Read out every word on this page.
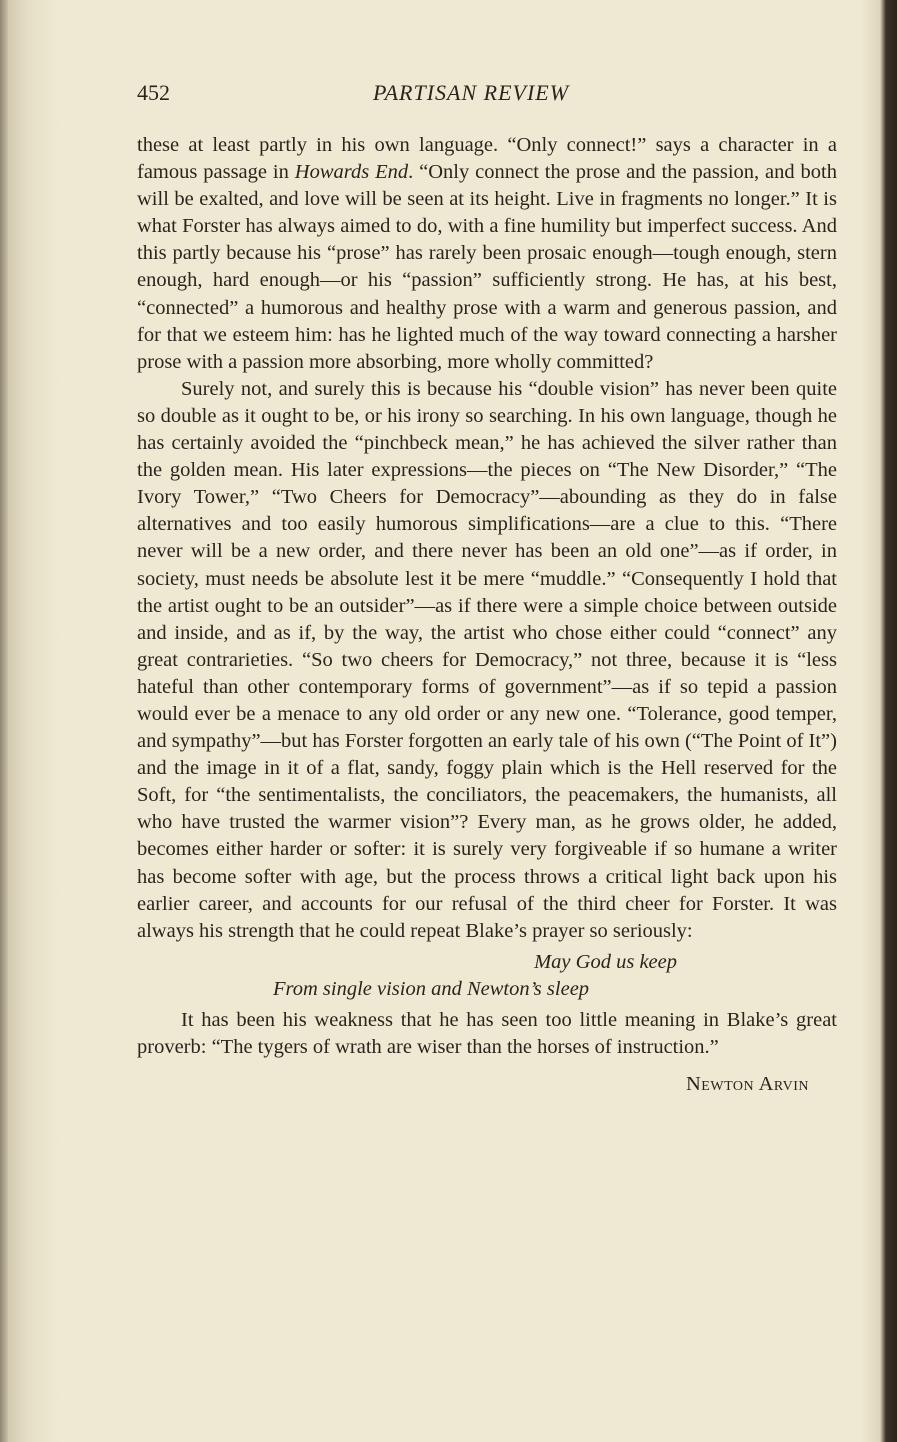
452	PARTISAN REVIEW

these at least partly in his own language. “Only connect!” says a character in a famous passage in Howards End. “Only connect the prose and the passion, and both will be exalted, and love will be seen at its height. Live in fragments no longer.” It is what Forster has always aimed to do, with a fine humility but imperfect success. And this partly because his “prose” has rarely been prosaic enough—tough enough, stern enough, hard enough—or his “passion” sufficiently strong. He has, at his best, “connected” a humorous and healthy prose with a warm and generous passion, and for that we esteem him: has he lighted much of the way toward connecting a harsher prose with a passion more absorbing, more wholly committed?

Surely not, and surely this is because his “double vision” has never been quite so double as it ought to be, or his irony so searching. In his own language, though he has certainly avoided the “pinchbeck mean,” he has achieved the silver rather than the golden mean. His later expressions—the pieces on “The New Disorder,” “The Ivory Tower,” “Two Cheers for Democracy”—abounding as they do in false alternatives and too easily humorous simplifications—are a clue to this. “There never will be a new order, and there never has been an old one”—as if order, in society, must needs be absolute lest it be mere “muddle.” “Consequently I hold that the artist ought to be an outsider”—as if there were a simple choice between outside and inside, and as if, by the way, the artist who chose either could “connect” any great contrarieties. “So two cheers for Democracy,” not three, because it is “less hateful than other contemporary forms of government”—as if so tepid a passion would ever be a menace to any old order or any new one. “Tolerance, good temper, and sympathy”—but has Forster forgotten an early tale of his own (“The Point of It”) and the image in it of a flat, sandy, foggy plain which is the Hell reserved for the Soft, for “the sentimentalists, the conciliators, the peacemakers, the humanists, all who have trusted the warmer vision”? Every man, as he grows older, he added, becomes either harder or softer: it is surely very forgiveable if so humane a writer has become softer with age, but the process throws a critical light back upon his earlier career, and accounts for our refusal of the third cheer for Forster. It was always his strength that he could repeat Blake’s prayer so seriously:

May God us keep
From single vision and Newton’s sleep

It has been his weakness that he has seen too little meaning in Blake’s great proverb: “The tygers of wrath are wiser than the horses of instruction.”

Newton Arvin
